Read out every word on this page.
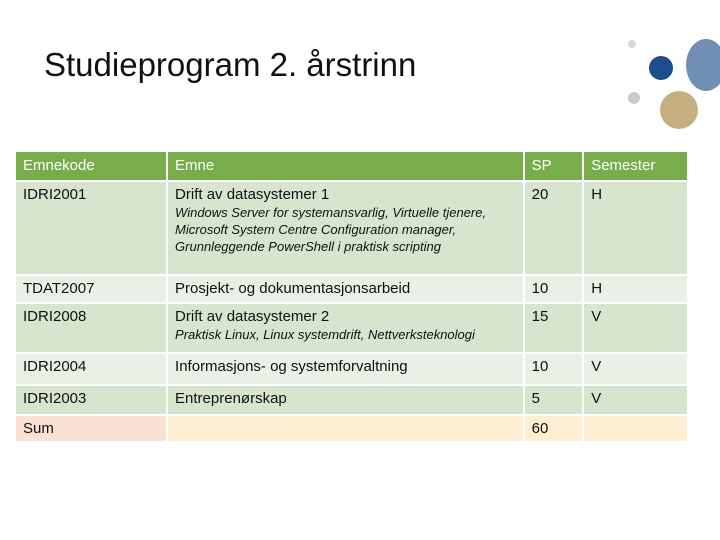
Studieprogram 2. årstrinn
Emnekode	Emne	SP	Semester
IDRI2001	Drift av datasystemer 1
Windows Server for systemansvarlig, Virtuelle tjenere, Microsoft System Centre Configuration manager, Grunnleggende PowerShell i praktisk scripting	20	H
TDAT2007	Prosjekt- og dokumentasjonsarbeid	10	H
IDRI2008	Drift av datasystemer 2
Praktisk Linux, Linux systemdrift, Nettverksteknologi	15	V
IDRI2004	Informasjons- og systemforvaltning	10	V
IDRI2003	Entreprenørskap	5	V
Sum		60	
